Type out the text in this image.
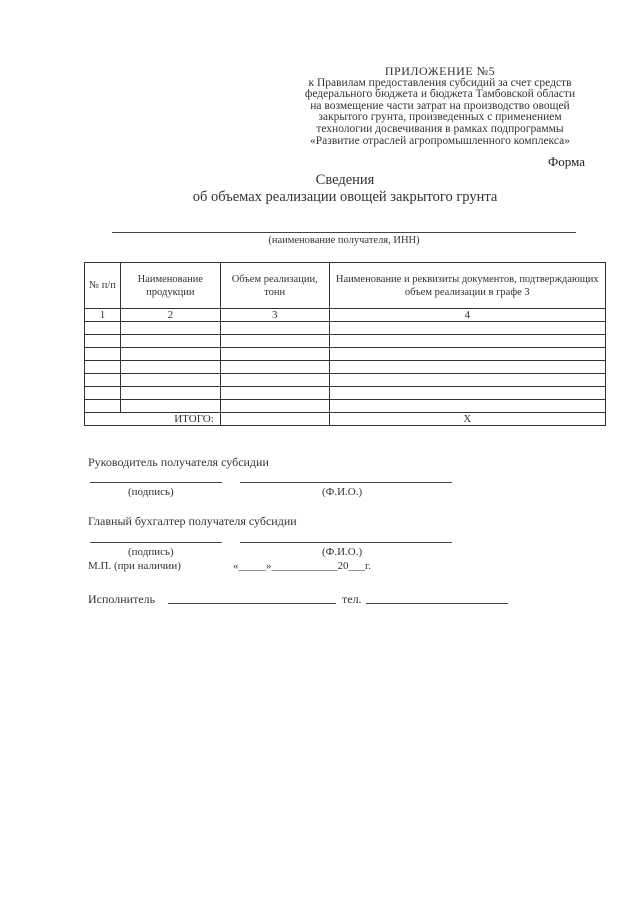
ПРИЛОЖЕНИЕ №5
к Правилам предоставления субсидий за счет средств
федерального бюджета и бюджета Тамбовской области
на возмещение части затрат на производство овощей
закрытого грунта, произведенных с применением
технологии досвечивания в рамках подпрограммы
«Развитие отраслей агропромышленного комплекса»
Форма
Сведения
об объемах реализации овощей закрытого грунта
(наименование получателя, ИНН)
№ п/п	Наименование продукции	Объем реализации, тонн	Наименование и реквизиты документов, подтверждающих объем реализации в графе 3
1	2	3	4

ИТОГО:			Х
Руководитель получателя субсидии
(подпись)	(Ф.И.О.)
Главный бухгалтер получателя субсидии
(подпись)	(Ф.И.О.)
М.П. (при наличии)	«_____»____________20___г.
Исполнитель	тел.
